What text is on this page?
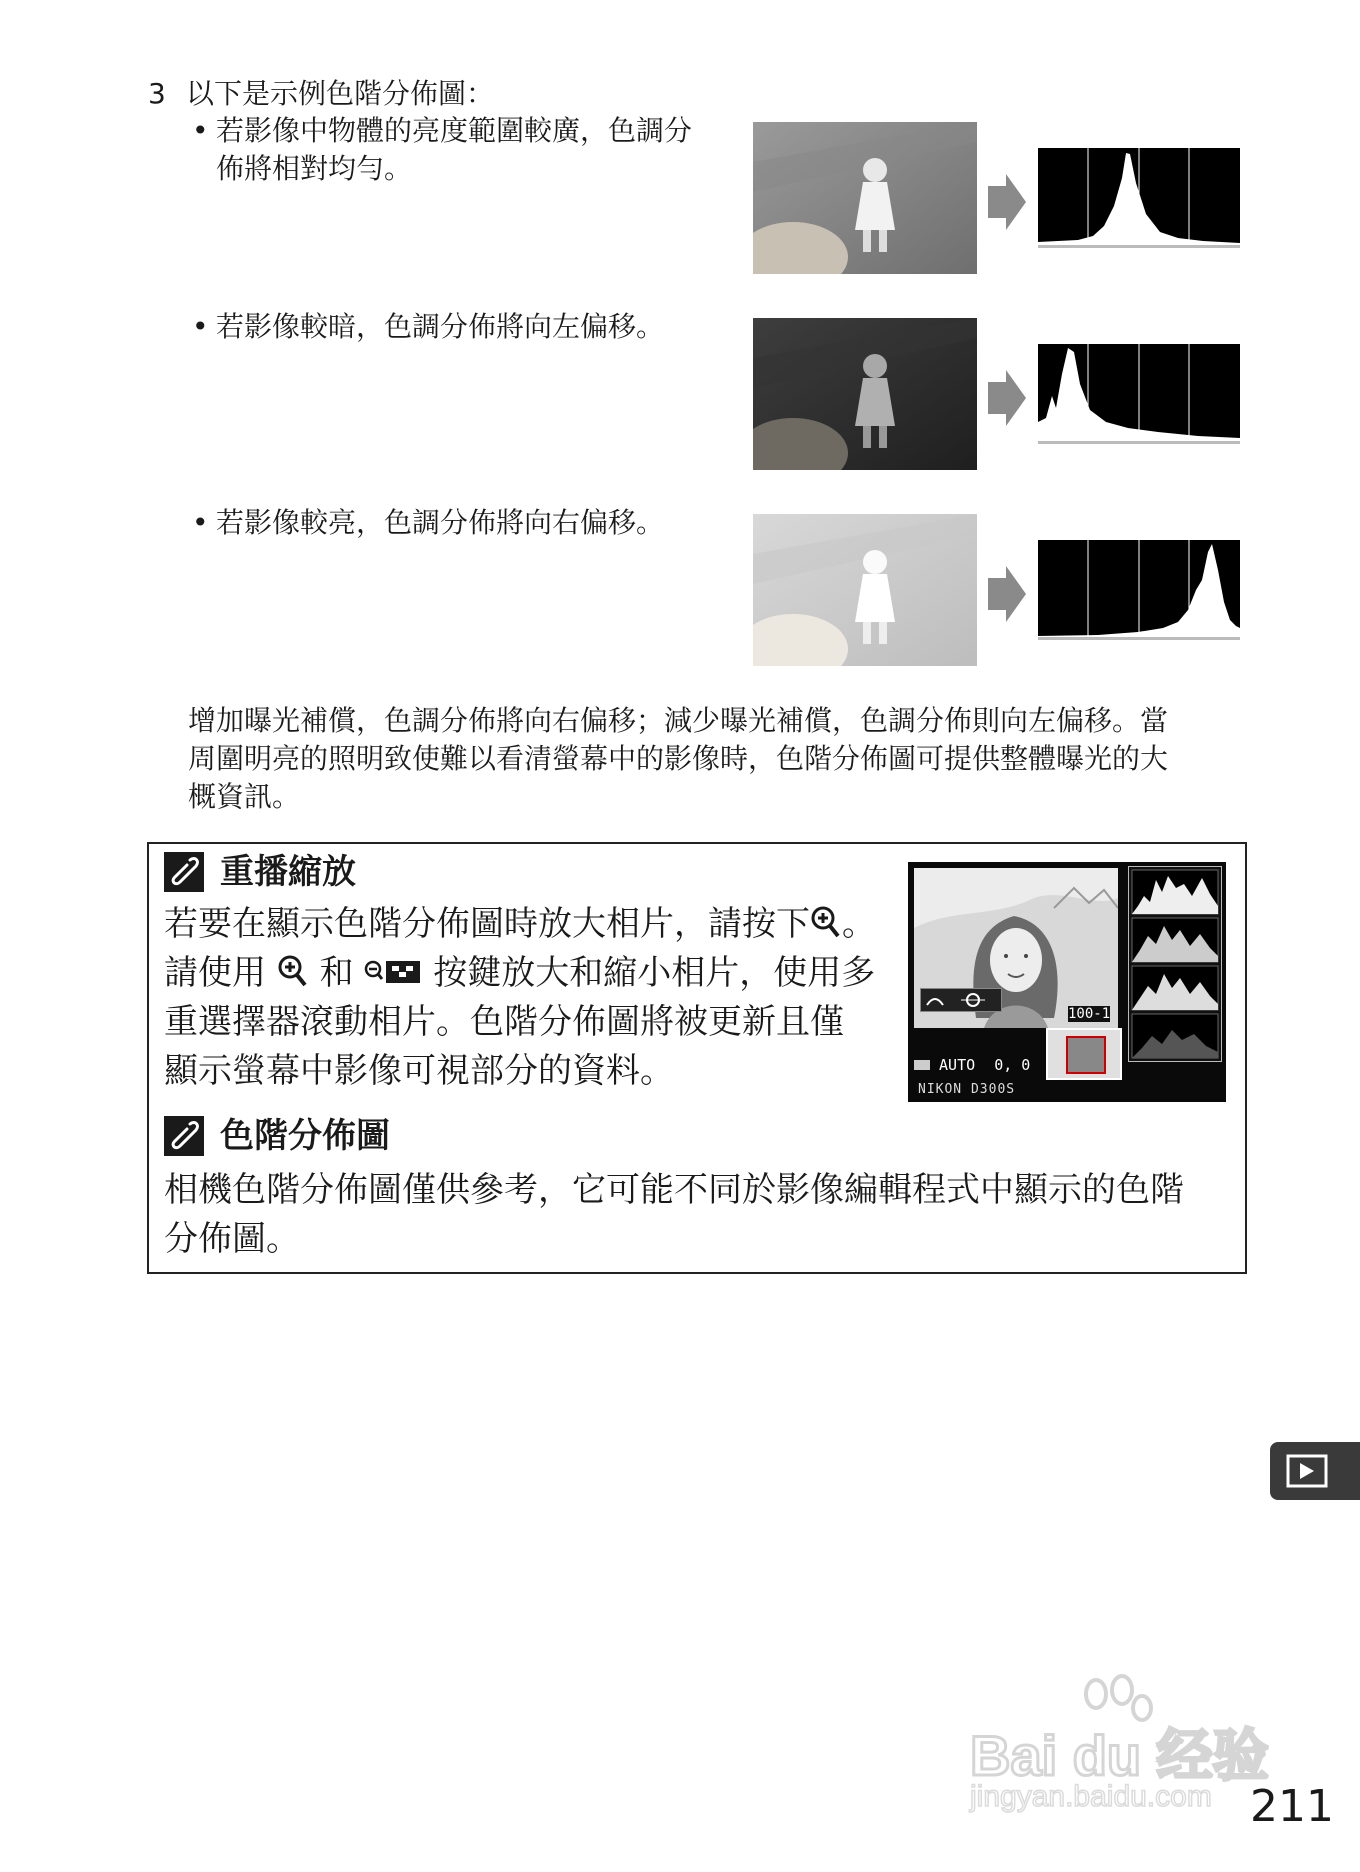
3 以下是示例色階分佈圖：
• 若影像中物體的亮度範圍較廣，色調分
佈將相對均勻。
• 若影像較暗，色調分佈將向左偏移。
• 若影像較亮，色調分佈將向右偏移。
增加曝光補償，色調分佈將向右偏移；減少曝光補償，色調分佈則向左偏移。當
周圍明亮的照明致使難以看清螢幕中的影像時，色階分佈圖可提供整體曝光的大
概資訊。
重播縮放
若要在顯示色階分佈圖時放大相片，請按下 。
請使用 和 按鍵放大和縮小相片，使用多
重選擇器滾動相片。色階分佈圖將被更新且僅
顯示螢幕中影像可視部分的資料。
100-1
AUTO 0, 0
NIKON D300S
色階分佈圖
相機色階分佈圖僅供參考，它可能不同於影像編輯程式中顯示的色階
分佈圖。
Bai du 经验
jingyan.baidu.com 211
